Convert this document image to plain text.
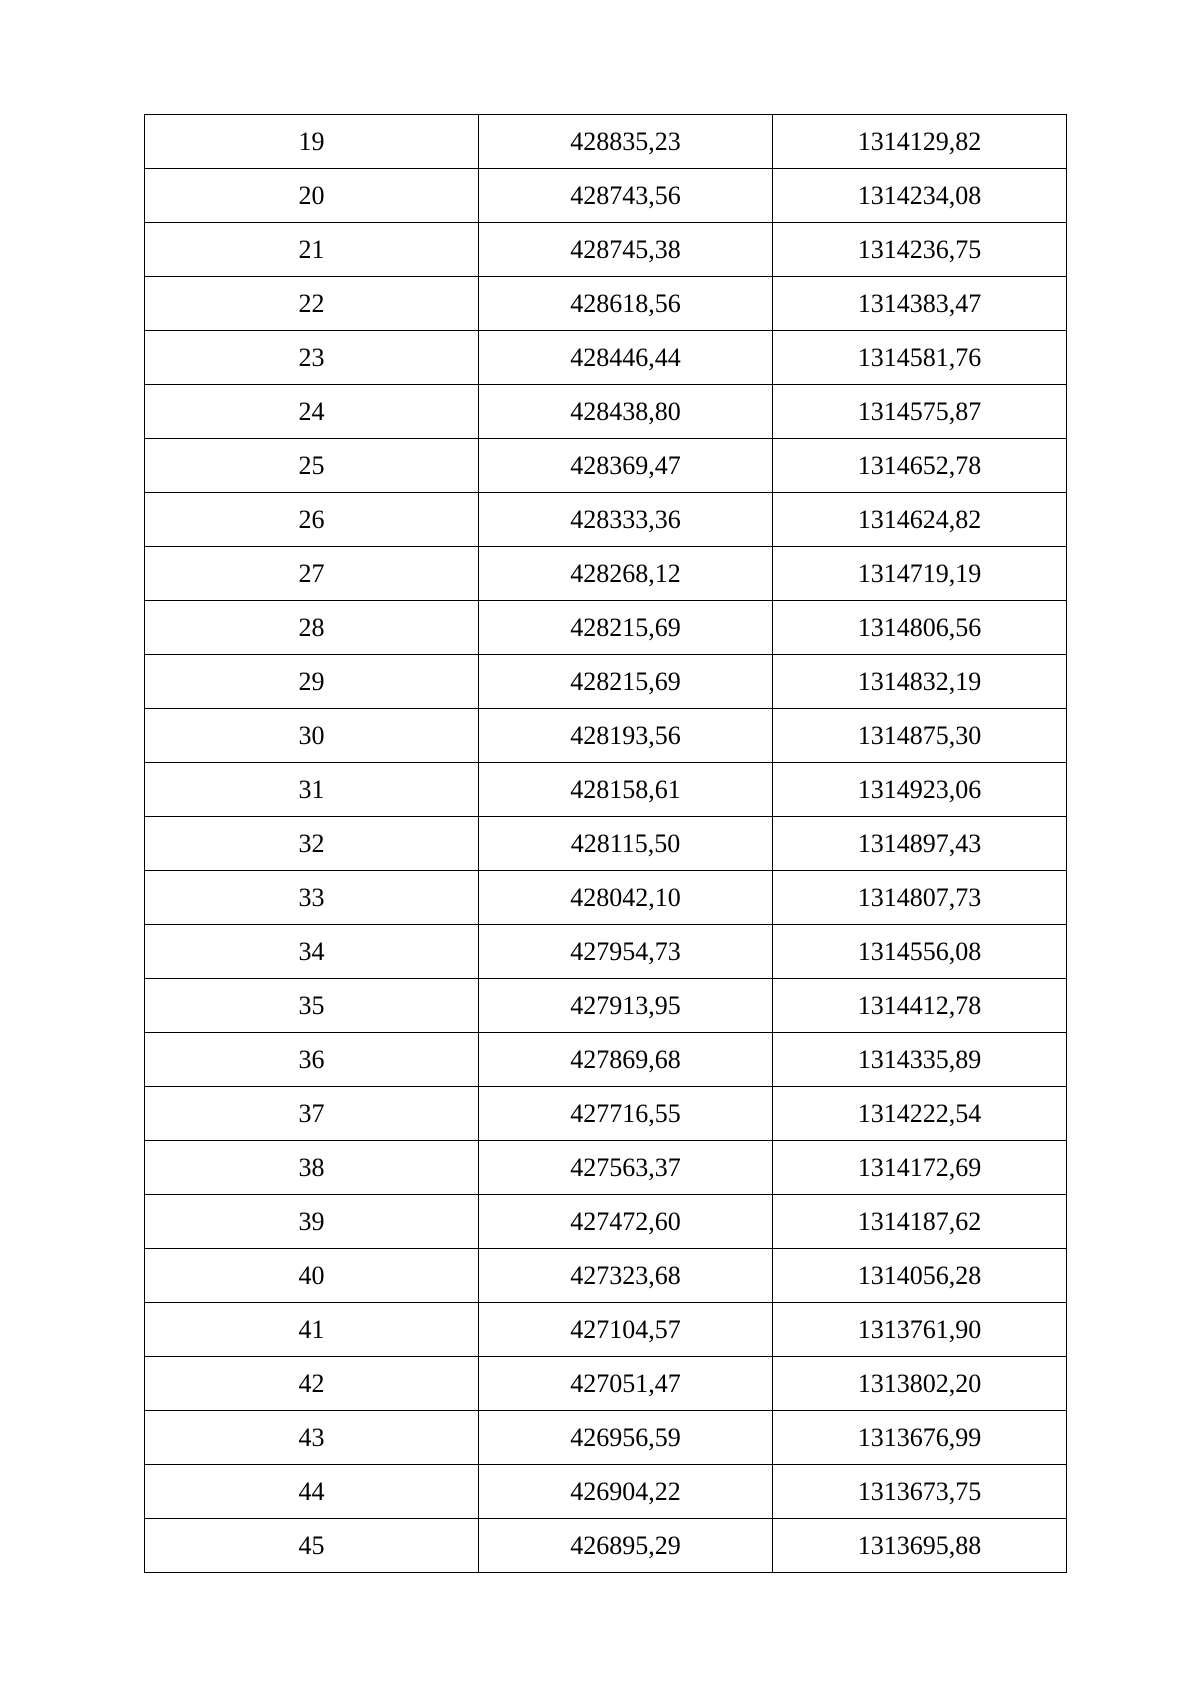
19	428835,23	1314129,82
20	428743,56	1314234,08
21	428745,38	1314236,75
22	428618,56	1314383,47
23	428446,44	1314581,76
24	428438,80	1314575,87
25	428369,47	1314652,78
26	428333,36	1314624,82
27	428268,12	1314719,19
28	428215,69	1314806,56
29	428215,69	1314832,19
30	428193,56	1314875,30
31	428158,61	1314923,06
32	428115,50	1314897,43
33	428042,10	1314807,73
34	427954,73	1314556,08
35	427913,95	1314412,78
36	427869,68	1314335,89
37	427716,55	1314222,54
38	427563,37	1314172,69
39	427472,60	1314187,62
40	427323,68	1314056,28
41	427104,57	1313761,90
42	427051,47	1313802,20
43	426956,59	1313676,99
44	426904,22	1313673,75
45	426895,29	1313695,88
